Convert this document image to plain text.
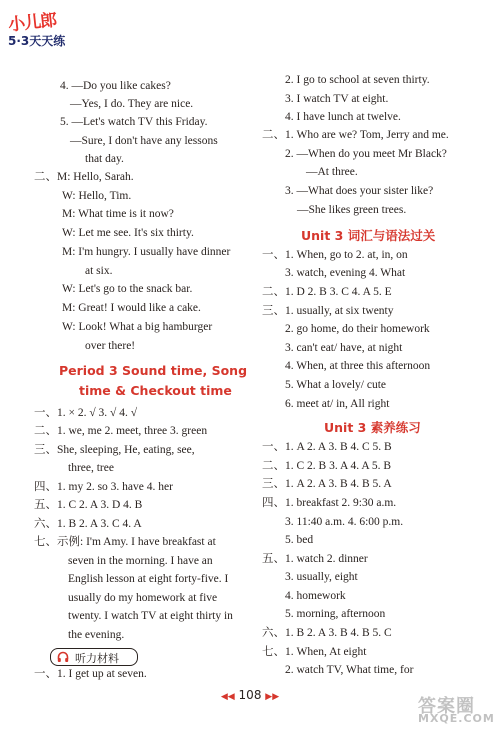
小儿郎
5·3天天练
4. —Do you like cakes?
—Yes, I do. They are nice.
5. —Let's watch TV this Friday.
—Sure, I don't have any lessons
that day.
二、M: Hello, Sarah.
W: Hello, Tim.
M: What time is it now?
W: Let me see. It's six thirty.
M: I'm hungry. I usually have dinner
at six.
W: Let's go to the snack bar.
M: Great! I would like a cake.
W: Look! What a big hamburger
over there!
Period 3 Sound time, Song
time & Checkout time
一、1. × 2. √ 3. √ 4. √
二、1. we, me 2. meet, three 3. green
三、She, sleeping, He, eating, see,
three, tree
四、1. my 2. so 3. have 4. her
五、1. C 2. A 3. D 4. B
六、1. B 2. A 3. C 4. A
七、示例: I'm Amy. I have breakfast at
seven in the morning. I have an
English lesson at eight forty-five. I
usually do my homework at five
twenty. I watch TV at eight thirty in
the evening.
听力材料
一、1. I get up at seven.
2. I go to school at seven thirty.
3. I watch TV at eight.
4. I have lunch at twelve.
二、1. Who are we? Tom, Jerry and me.
2. —When do you meet Mr Black?
—At three.
3. —What does your sister like?
—She likes green trees.
Unit 3 词汇与语法过关
一、1. When, go to 2. at, in, on
3. watch, evening 4. What
二、1. D 2. B 3. C 4. A 5. E
三、1. usually, at six twenty
2. go home, do their homework
3. can't eat/ have, at night
4. When, at three this afternoon
5. What a lovely/ cute
6. meet at/ in, All right
Unit 3 素养练习
一、1. A 2. A 3. B 4. C 5. B
二、1. C 2. B 3. A 4. A 5. B
三、1. A 2. A 3. B 4. B 5. A
四、1. breakfast 2. 9:30 a.m.
3. 11:40 a.m. 4. 6:00 p.m.
5. bed
五、1. watch 2. dinner
3. usually, eight
4. homework
5. morning, afternoon
六、1. B 2. A 3. B 4. B 5. C
七、1. When, At eight
2. watch TV, What time, for
◀◀ 108 ▶▶	答案圈
MXQE.COM
